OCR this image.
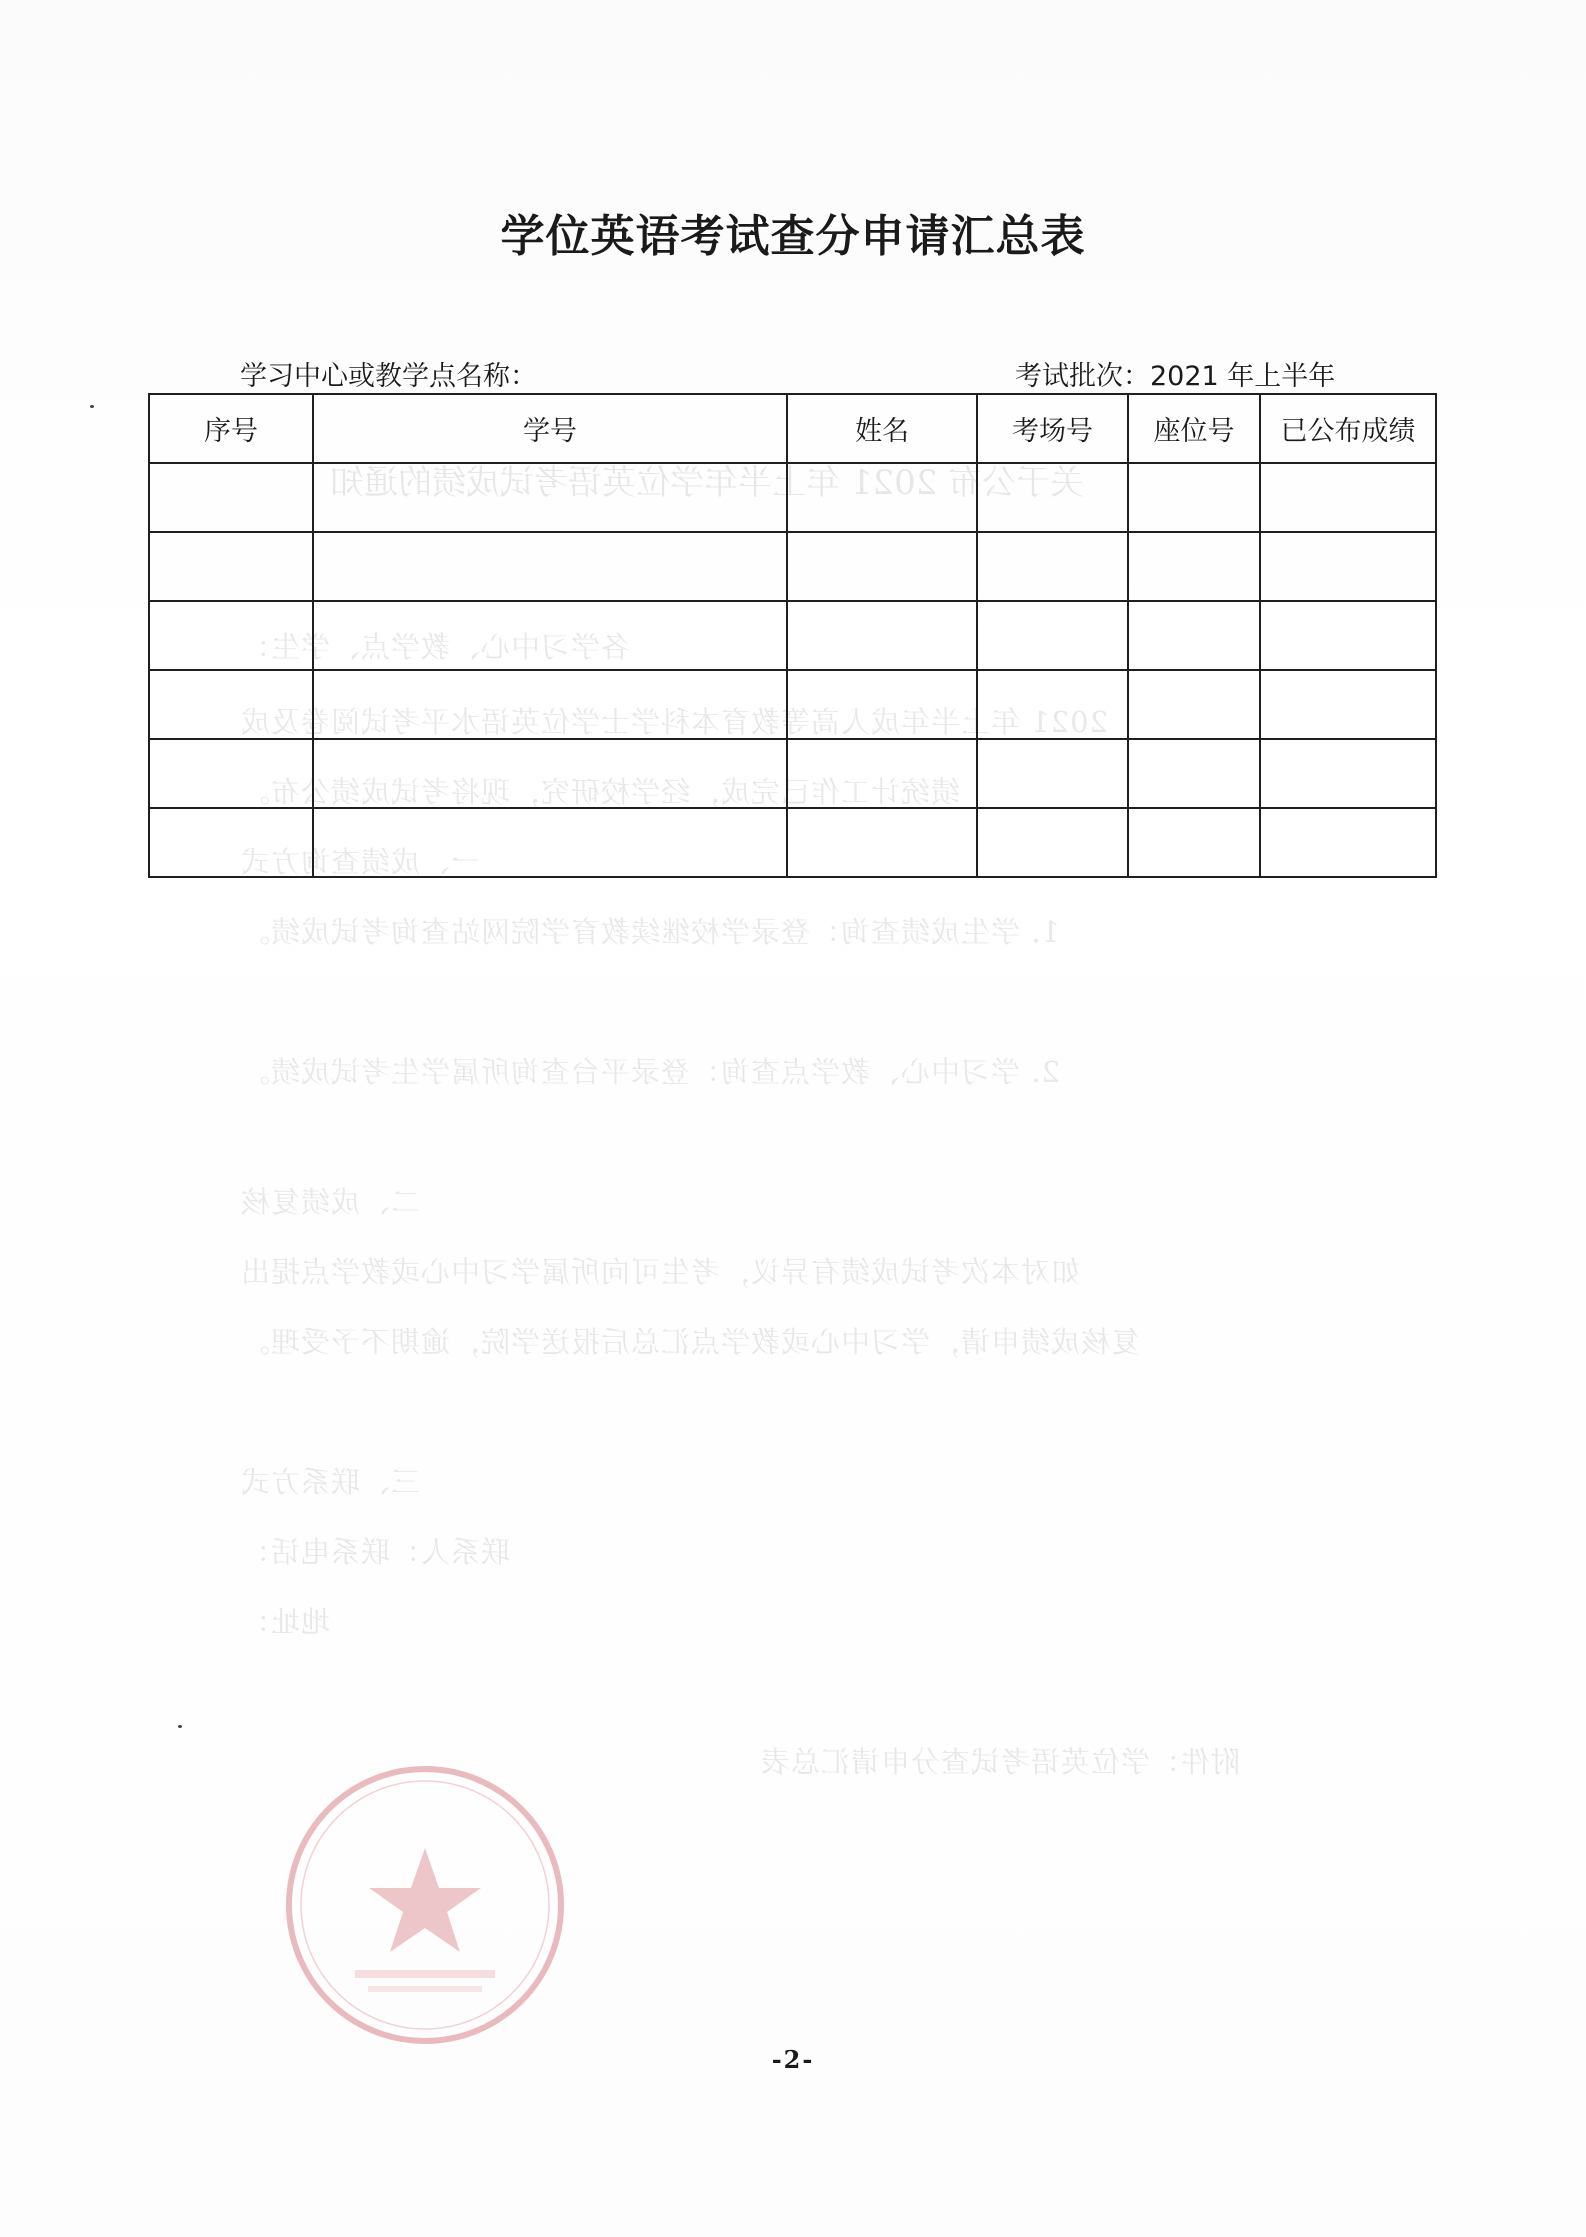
学位英语考试查分申请汇总表
学习中心或教学点名称：	考试批次：2021 年上半年
序号	学号	姓名	考场号	座位号	已公布成绩

-2-
